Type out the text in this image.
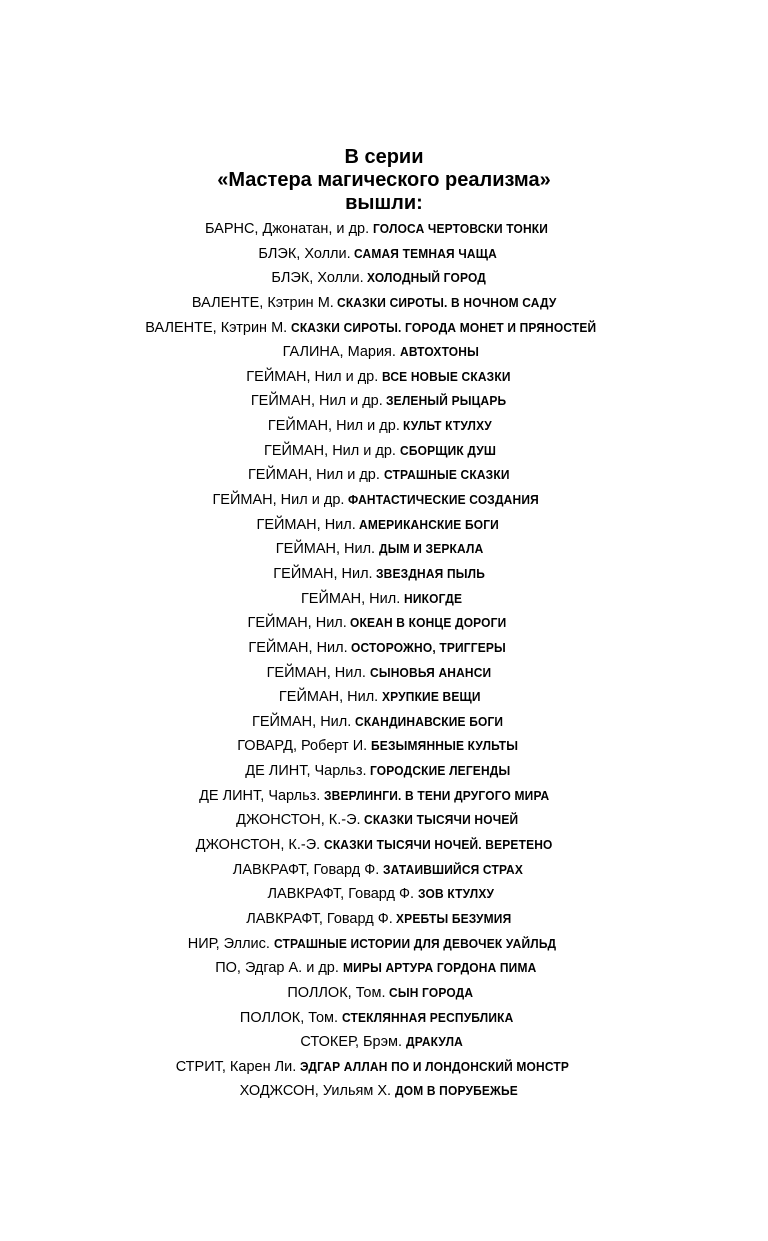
В серии
«Мастера магического реализма»
вышли:
БАРНС, Джонатан, и др. ГОЛОСА ЧЕРТОВСКИ ТОНКИ
БЛЭК, Холли. САМАЯ ТЕМНАЯ ЧАЩА
БЛЭК, Холли. ХОЛОДНЫЙ ГОРОД
ВАЛЕНТЕ, Кэтрин М. СКАЗКИ СИРОТЫ. В НОЧНОМ САДУ
ВАЛЕНТЕ, Кэтрин М. СКАЗКИ СИРОТЫ. ГОРОДА МОНЕТ И ПРЯНОСТЕЙ
ГАЛИНА, Мария. АВТОХТОНЫ
ГЕЙМАН, Нил и др. ВСЕ НОВЫЕ СКАЗКИ
ГЕЙМАН, Нил и др. ЗЕЛЕНЫЙ РЫЦАРЬ
ГЕЙМАН, Нил и др. КУЛЬТ КТУЛХУ
ГЕЙМАН, Нил и др. СБОРЩИК ДУШ
ГЕЙМАН, Нил и др. СТРАШНЫЕ СКАЗКИ
ГЕЙМАН, Нил и др. ФАНТАСТИЧЕСКИЕ СОЗДАНИЯ
ГЕЙМАН, Нил. АМЕРИКАНСКИЕ БОГИ
ГЕЙМАН, Нил. ДЫМ И ЗЕРКАЛА
ГЕЙМАН, Нил. ЗВЕЗДНАЯ ПЫЛЬ
ГЕЙМАН, Нил. НИКОГДЕ
ГЕЙМАН, Нил. ОКЕАН В КОНЦЕ ДОРОГИ
ГЕЙМАН, Нил. ОСТОРОЖНО, ТРИГГЕРЫ
ГЕЙМАН, Нил. СЫНОВЬЯ АНАНСИ
ГЕЙМАН, Нил. ХРУПКИЕ ВЕЩИ
ГЕЙМАН, Нил. СКАНДИНАВСКИЕ БОГИ
ГОВАРД, Роберт И. БЕЗЫМЯННЫЕ КУЛЬТЫ
ДЕ ЛИНТ, Чарльз. ГОРОДСКИЕ ЛЕГЕНДЫ
ДЕ ЛИНТ, Чарльз. ЗВЕРЛИНГИ. В ТЕНИ ДРУГОГО МИРА
ДЖОНСТОН, К.-Э. СКАЗКИ ТЫСЯЧИ НОЧЕЙ
ДЖОНСТОН, К.-Э. СКАЗКИ ТЫСЯЧИ НОЧЕЙ. ВЕРЕТЕНО
ЛАВКРАФТ, Говард Ф. ЗАТАИВШИЙСЯ СТРАХ
ЛАВКРАФТ, Говард Ф. ЗОВ КТУЛХУ
ЛАВКРАФТ, Говард Ф. ХРЕБТЫ БЕЗУМИЯ
НИР, Эллис. СТРАШНЫЕ ИСТОРИИ ДЛЯ ДЕВОЧЕК УАЙЛЬД
ПО, Эдгар А. и др. МИРЫ АРТУРА ГОРДОНА ПИМА
ПОЛЛОК, Том. СЫН ГОРОДА
ПОЛЛОК, Том. СТЕКЛЯННАЯ РЕСПУБЛИКА
СТОКЕР, Брэм. ДРАКУЛА
СТРИТ, Карен Ли. ЭДГАР АЛЛАН ПО И ЛОНДОНСКИЙ МОНСТР
ХОДЖСОН, Уильям Х. ДОМ В ПОРУБЕЖЬЕ
